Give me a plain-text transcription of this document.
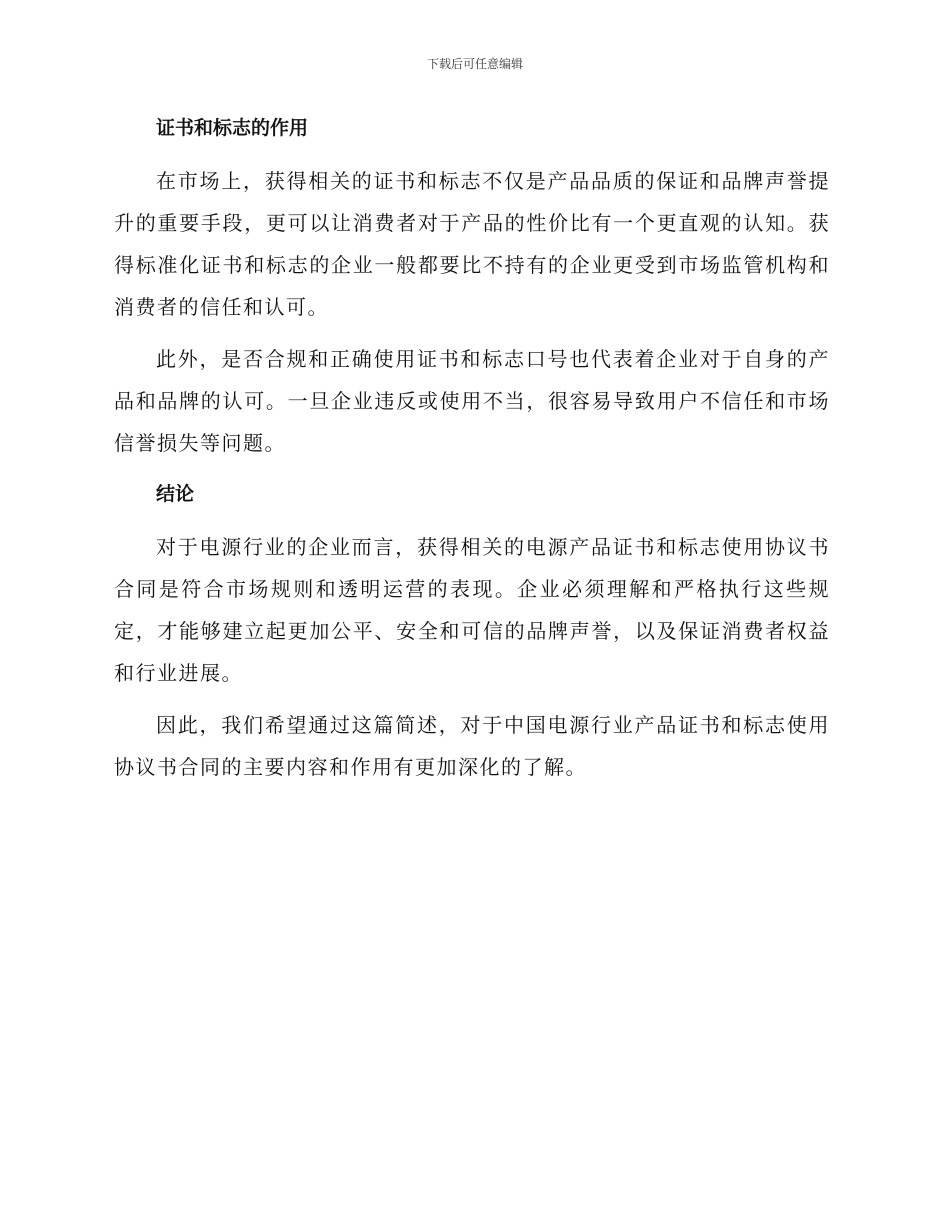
下载后可任意编辑
证书和标志的作用

在市场上，获得相关的证书和标志不仅是产品品质的保证和品牌声誉提升的重要手段，更可以让消费者对于产品的性价比有一个更直观的认知。获得标准化证书和标志的企业一般都要比不持有的企业更受到市场监管机构和消费者的信任和认可。

此外，是否合规和正确使用证书和标志口号也代表着企业对于自身的产品和品牌的认可。一旦企业违反或使用不当，很容易导致用户不信任和市场信誉损失等问题。

结论

对于电源行业的企业而言，获得相关的电源产品证书和标志使用协议书合同是符合市场规则和透明运营的表现。企业必须理解和严格执行这些规定，才能够建立起更加公平、安全和可信的品牌声誉，以及保证消费者权益和行业进展。

因此，我们希望通过这篇简述，对于中国电源行业产品证书和标志使用协议书合同的主要内容和作用有更加深化的了解。
